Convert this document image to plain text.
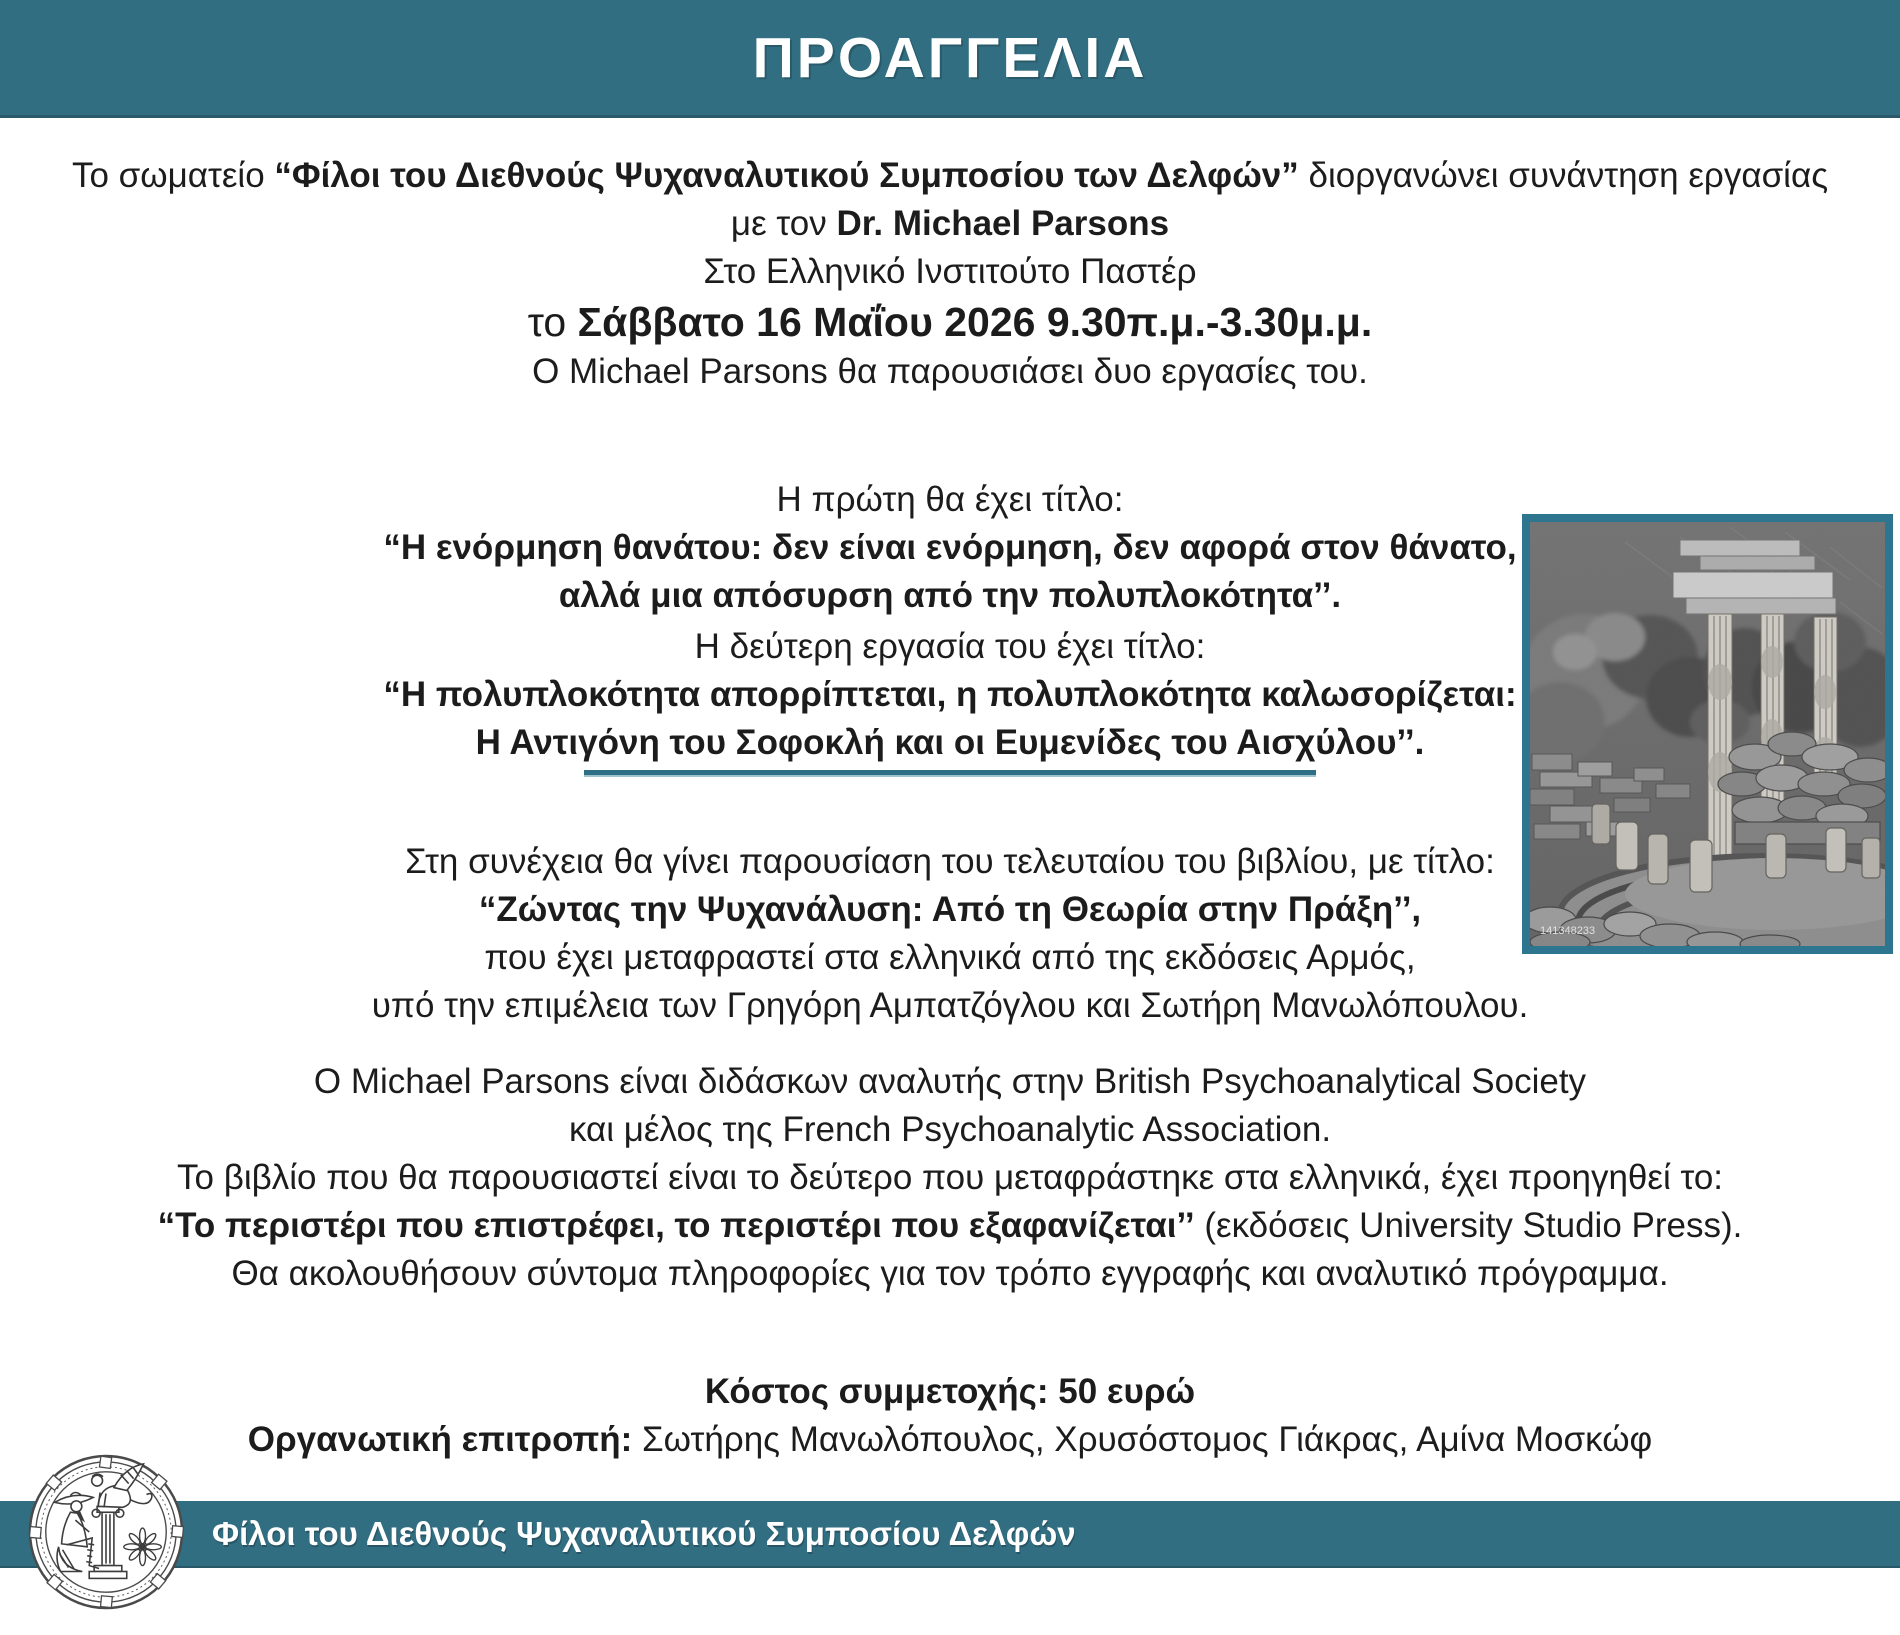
ΠΡΟΑΓΓΕΛΙΑ
Το σωματείο “Φίλοι του Διεθνούς Ψυχαναλυτικού Συμποσίου των Δελφών” διοργανώνει συνάντηση εργασίας
με τον Dr. Michael Parsons
Στο Ελληνικό Ινστιτούτο Παστέρ
το Σάββατο 16 Μαΐου 2026 9.30π.μ.-3.30μ.μ.
Ο Michael Parsons θα παρουσιάσει δυο εργασίες του.
Η πρώτη θα έχει τίτλο:
“Η ενόρμηση θανάτου: δεν είναι ενόρμηση, δεν αφορά στον θάνατο,
αλλά μια απόσυρση από την πολυπλοκότητα’’.
Η δεύτερη εργασία του έχει τίτλο:
“Η πολυπλοκότητα απορρίπτεται, η πολυπλοκότητα καλωσορίζεται:
Η Αντιγόνη του Σοφοκλή και οι Ευμενίδες του Αισχύλου’’.
Στη συνέχεια θα γίνει παρουσίαση του τελευταίου του βιβλίου, με τίτλο:
“Ζώντας την Ψυχανάλυση: Από τη Θεωρία στην Πράξη’’,
που έχει μεταφραστεί στα ελληνικά από της εκδόσεις Αρμός,
υπό την επιμέλεια των Γρηγόρη Αμπατζόγλου και Σωτήρη Μανωλόπουλου.
Ο Michael Parsons είναι διδάσκων αναλυτής στην British Psychoanalytical Society
και μέλος της French Psychoanalytic Association.
Το βιβλίο που θα παρουσιαστεί είναι το δεύτερο που μεταφράστηκε στα ελληνικά, έχει προηγηθεί το:
“Το περιστέρι που επιστρέφει, το περιστέρι που εξαφανίζεται’’ (εκδόσεις University Studio Press).
Θα ακολουθήσουν σύντομα πληροφορίες για τον τρόπο εγγραφής και αναλυτικό πρόγραμμα.
Κόστος συμμετοχής: 50 ευρώ
Οργανωτική επιτροπή: Σωτήρης Μανωλόπουλος, Χρυσόστομος Γιάκρας, Αμίνα Μοσκώφ
141348233
Φίλοι του Διεθνούς Ψυχαναλυτικού Συμποσίου Δελφών
